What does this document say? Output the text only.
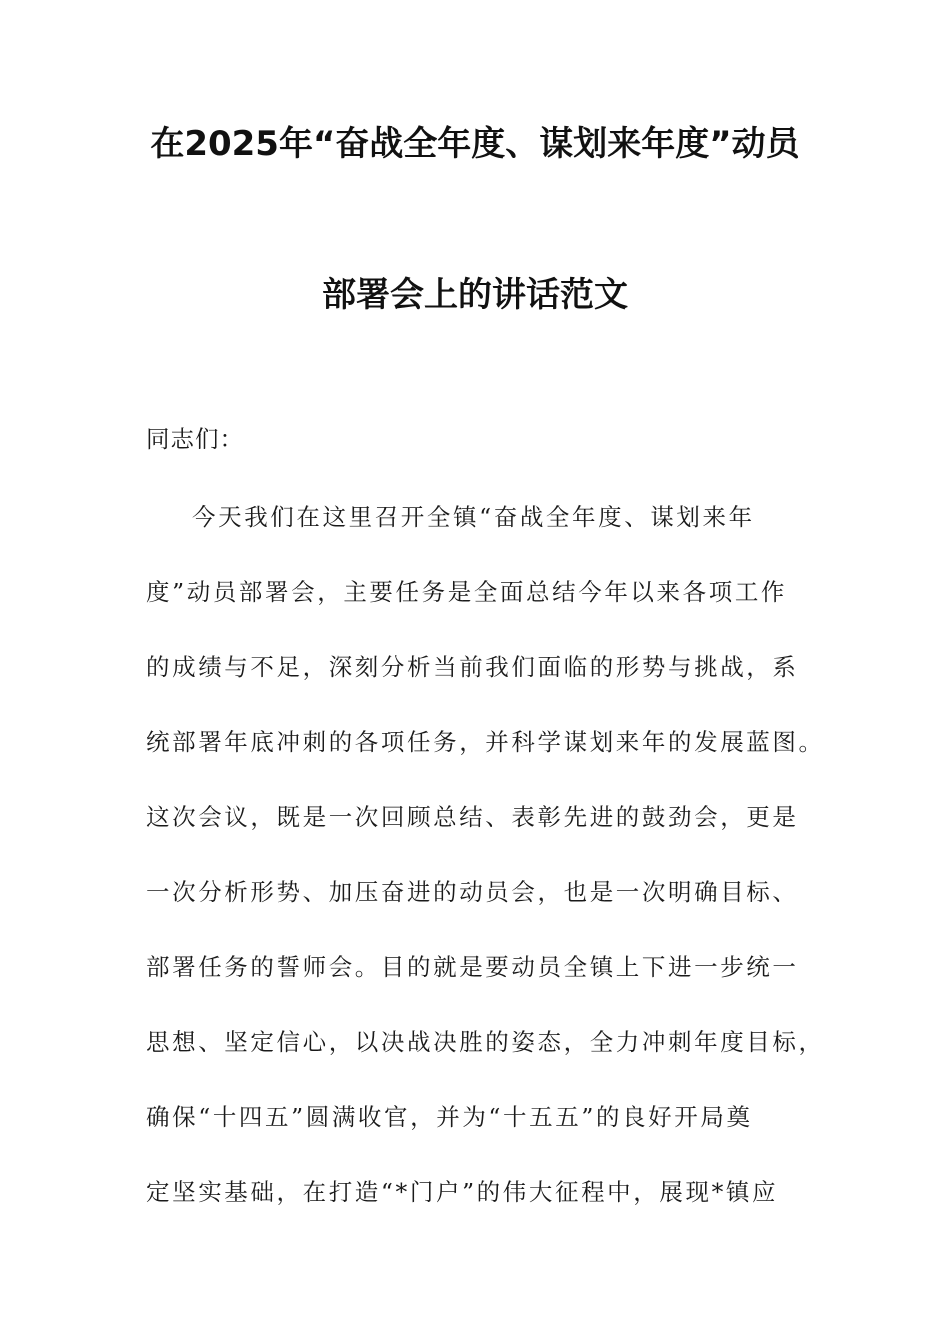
在2025年“奋战全年度、谋划来年度”动员
部署会上的讲话范文
同志们：
今天我们在这里召开全镇“奋战全年度、谋划来年
度”动员部署会，主要任务是全面总结今年以来各项工作
的成绩与不足，深刻分析当前我们面临的形势与挑战，系
统部署年底冲刺的各项任务，并科学谋划来年的发展蓝图。
这次会议，既是一次回顾总结、表彰先进的鼓劲会，更是
一次分析形势、加压奋进的动员会，也是一次明确目标、
部署任务的誓师会。目的就是要动员全镇上下进一步统一
思想、坚定信心，以决战决胜的姿态，全力冲刺年度目标，
确保“十四五”圆满收官，并为“十五五”的良好开局奠
定坚实基础，在打造“*门户”的伟大征程中，展现*镇应
